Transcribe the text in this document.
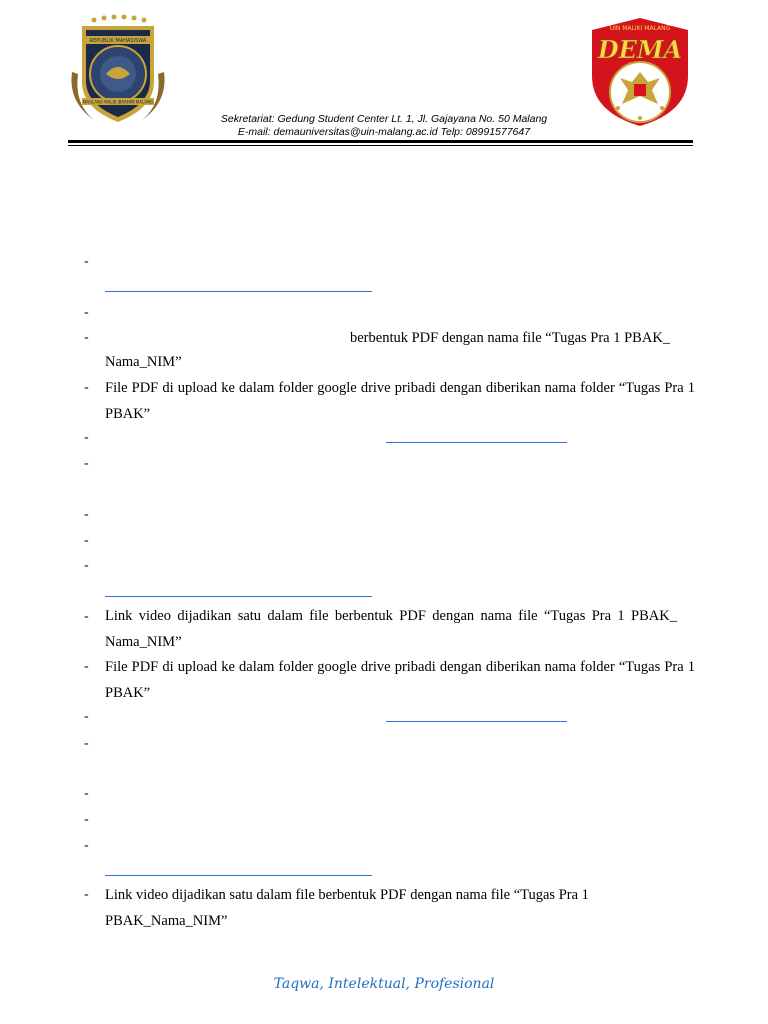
REPUBLIK MAHASISWA
MAULANA MALIK IBRAHIM MALANG
UIN MALIKI MALANG
DEMA
Sekretariat: Gedung Student Center Lt. 1, Jl. Gajayana No. 50 Malang
E-mail: demauniversitas@uin-malang.ac.id Telp: 08991577647
-
-
-	berbentuk PDF dengan nama file “Tugas Pra 1 PBAK_
Nama_NIM”
- File PDF di upload ke dalam folder google drive pribadi dengan diberikan nama folder “Tugas Pra 1 PBAK”
-
-
-
-
-
- Link video dijadikan satu dalam file berbentuk PDF dengan nama file “Tugas Pra 1 PBAK_ Nama_NIM”
- File PDF di upload ke dalam folder google drive pribadi dengan diberikan nama folder “Tugas Pra 1 PBAK”
-
-
-
-
-
- Link video dijadikan satu dalam file berbentuk PDF dengan nama file “Tugas Pra 1 PBAK_Nama_NIM”
Taqwa, Intelektual, Profesional
